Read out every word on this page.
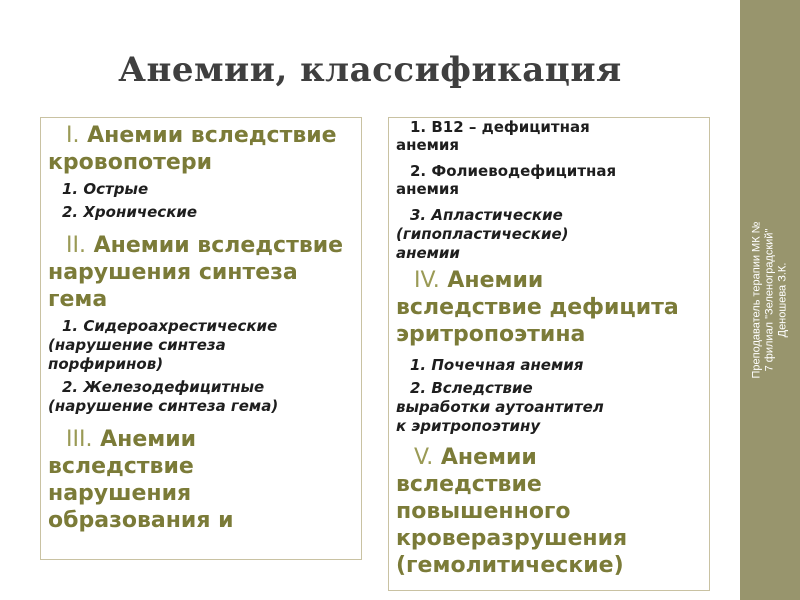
Анемии, классификация
I. Анемии вследствие
кровопотери
1. Острые
2. Хронические
II. Анемии вследствие
нарушения синтеза
гема
1. Сидероахрестические
(нарушение синтеза
порфиринов)
2. Железодефицитные
(нарушение синтеза гема)
III. Анемии
вследствие
нарушения
образования и
1. В12 – дефицитная
анемия
2. Фолиеводефицитная
анемия
3. Апластические
(гипопластические)
анемии
IV. Анемии
вследствие дефицита
эритропоэтина
1. Почечная анемия
2. Вследствие
выработки аутоантител
к эритропоэтину
V. Анемии
вследствие
повышенного
кроверазрушения
(гемолитические)
Преподаватель терапии МК № 7 филиал "Зеленоградский" Деношева З.К.
